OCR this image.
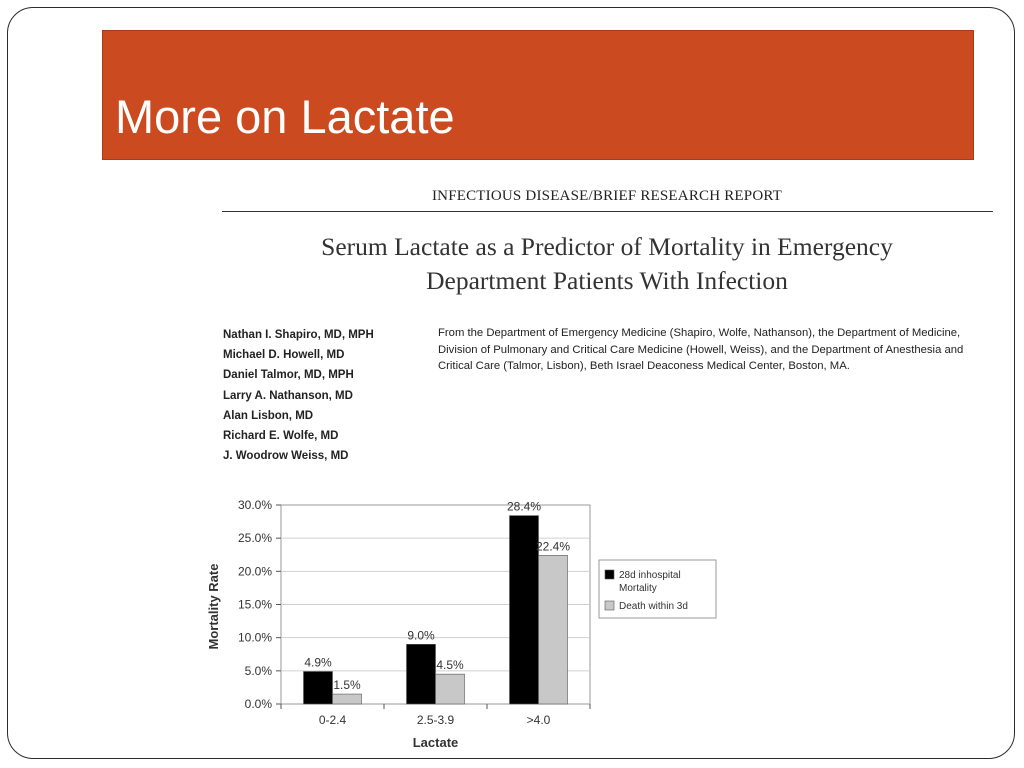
More on Lactate
INFECTIOUS DISEASE/BRIEF RESEARCH REPORT
Serum Lactate as a Predictor of Mortality in Emergency
Department Patients With Infection
Nathan I. Shapiro, MD, MPH
Michael D. Howell, MD
Daniel Talmor, MD, MPH
Larry A. Nathanson, MD
Alan Lisbon, MD
Richard E. Wolfe, MD
J. Woodrow Weiss, MD
From the Department of Emergency Medicine (Shapiro, Wolfe, Nathanson), the Department of Medicine, Division of Pulmonary and Critical Care Medicine (Howell, Weiss), and the Department of Anesthesia and Critical Care (Talmor, Lisbon), Beth Israel Deaconess Medical Center, Boston, MA.
0.0%
5.0%
10.0%
15.0%
20.0%
25.0%
30.0%
4.9%
1.5%
0-2.4
9.0%
4.5%
2.5-3.9
28.4%
22.4%
>4.0
Lactate
Mortality Rate	28d inhospital
Mortality
Death within 3d
